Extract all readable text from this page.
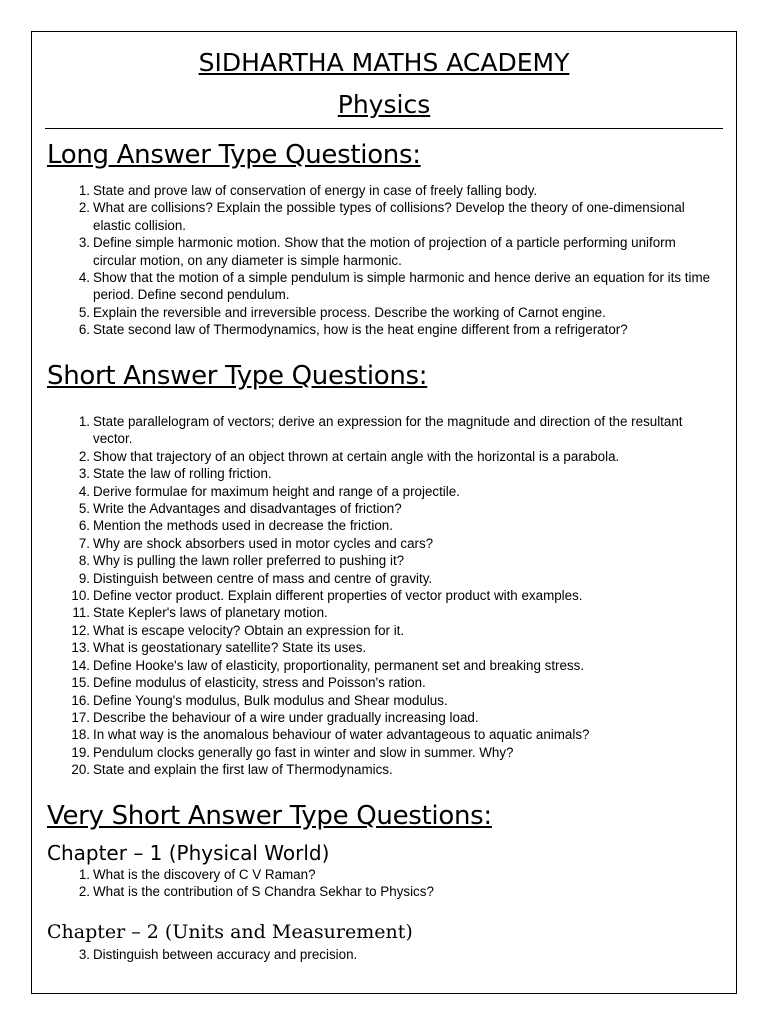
SIDHARTHA MATHS ACADEMY
Physics
Long Answer Type Questions:
1. State and prove law of conservation of energy in case of freely falling body.
2. What are collisions? Explain the possible types of collisions? Develop the theory of one-dimensional elastic collision.
3. Define simple harmonic motion. Show that the motion of projection of a particle performing uniform circular motion, on any diameter is simple harmonic.
4. Show that the motion of a simple pendulum is simple harmonic and hence derive an equation for its time period. Define second pendulum.
5. Explain the reversible and irreversible process. Describe the working of Carnot engine.
6. State second law of Thermodynamics, how is the heat engine different from a refrigerator?
Short Answer Type Questions:
1. State parallelogram of vectors; derive an expression for the magnitude and direction of the resultant vector.
2. Show that trajectory of an object thrown at certain angle with the horizontal is a parabola.
3. State the law of rolling friction.
4. Derive formulae for maximum height and range of a projectile.
5. Write the Advantages and disadvantages of friction?
6. Mention the methods used in decrease the friction.
7. Why are shock absorbers used in motor cycles and cars?
8. Why is pulling the lawn roller preferred to pushing it?
9. Distinguish between centre of mass and centre of gravity.
10. Define vector product. Explain different properties of vector product with examples.
11. State Kepler's laws of planetary motion.
12. What is escape velocity? Obtain an expression for it.
13. What is geostationary satellite? State its uses.
14. Define Hooke's law of elasticity, proportionality, permanent set and breaking stress.
15. Define modulus of elasticity, stress and Poisson's ration.
16. Define Young's modulus, Bulk modulus and Shear modulus.
17. Describe the behaviour of a wire under gradually increasing load.
18. In what way is the anomalous behaviour of water advantageous to aquatic animals?
19. Pendulum clocks generally go fast in winter and slow in summer. Why?
20. State and explain the first law of Thermodynamics.
Very Short Answer Type Questions:
Chapter – 1 (Physical World)
1. What is the discovery of C V Raman?
2. What is the contribution of S Chandra Sekhar to Physics?
Chapter – 2 (Units and Measurement)
3. Distinguish between accuracy and precision.
